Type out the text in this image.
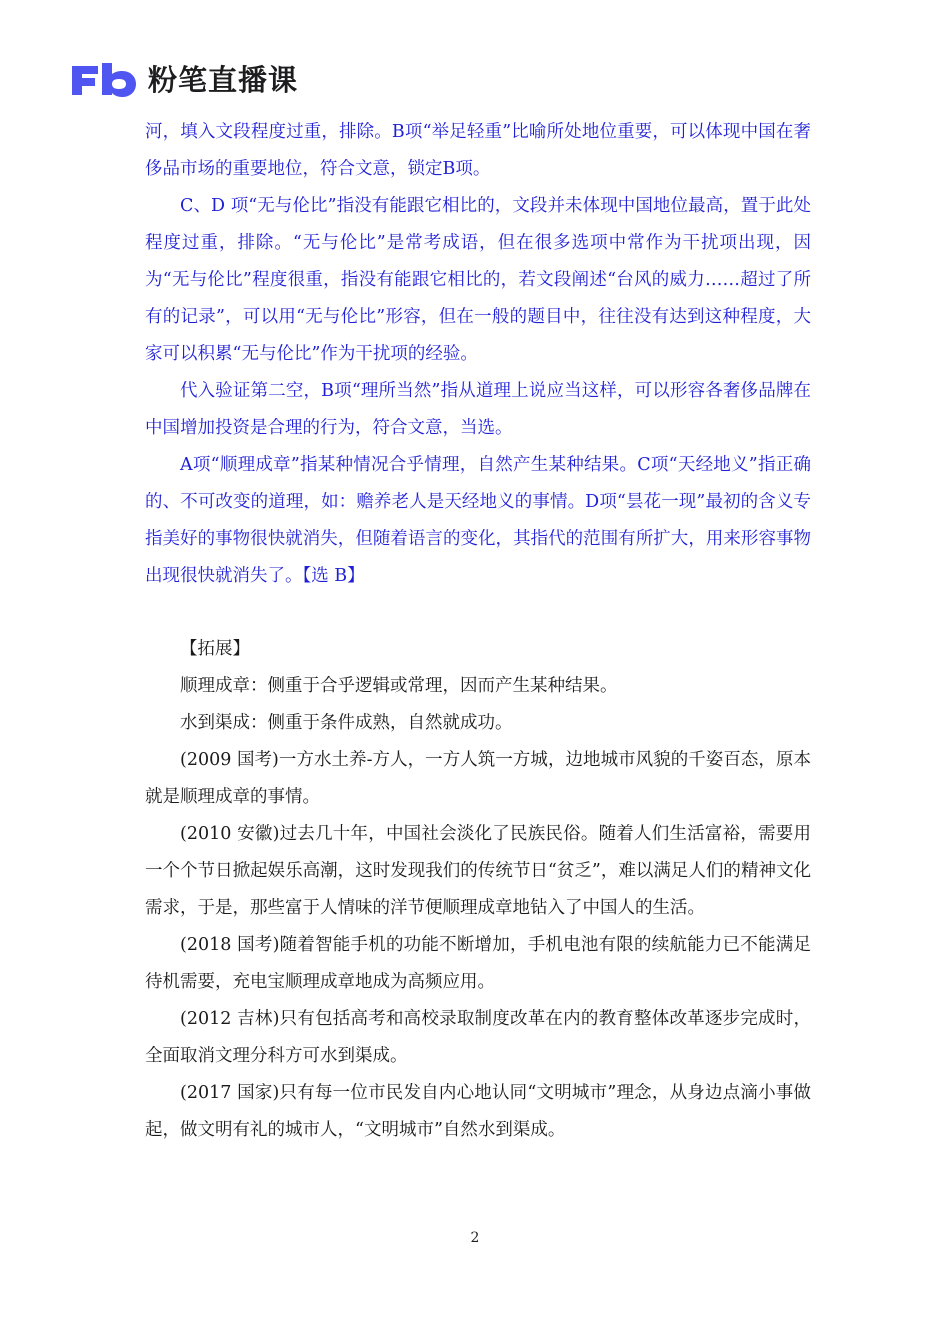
粉笔直播课

河，填入文段程度过重，排除。B项“举足轻重”比喻所处地位重要，可以体现中国在奢侈品市场的重要地位，符合文意，锁定B项。

C、D 项“无与伦比”指没有能跟它相比的，文段并未体现中国地位最高，置于此处程度过重，排除。“无与伦比”是常考成语，但在很多选项中常作为干扰项出现，因为“无与伦比”程度很重，指没有能跟它相比的，若文段阐述“台风的威力……超过了所有的记录”，可以用“无与伦比”形容，但在一般的题目中，往往没有达到这种程度，大家可以积累“无与伦比”作为干扰项的经验。

代入验证第二空，B项“理所当然”指从道理上说应当这样，可以形容各奢侈品牌在中国增加投资是合理的行为，符合文意，当选。

A项“顺理成章”指某种情况合乎情理，自然产生某种结果。C项“天经地义”指正确的、不可改变的道理，如：赡养老人是天经地义的事情。D项“昙花一现”最初的含义专指美好的事物很快就消失，但随着语言的变化，其指代的范围有所扩大，用来形容事物出现很快就消失了。【选 B】

【拓展】

顺理成章：侧重于合乎逻辑或常理，因而产生某种结果。

水到渠成：侧重于条件成熟，自然就成功。

(2009 国考)一方水土养-方人，一方人筑一方城，边地城市风貌的千姿百态，原本就是顺理成章的事情。

(2010 安徽)过去几十年，中国社会淡化了民族民俗。随着人们生活富裕，需要用一个个节日掀起娱乐高潮，这时发现我们的传统节日“贫乏”，难以满足人们的精神文化需求，于是，那些富于人情味的洋节便顺理成章地钻入了中国人的生活。

(2018 国考)随着智能手机的功能不断增加，手机电池有限的续航能力已不能满足待机需要，充电宝顺理成章地成为高频应用。

(2012 吉林)只有包括高考和高校录取制度改革在内的教育整体改革逐步完成时，全面取消文理分科方可水到渠成。

(2017 国家)只有每一位市民发自内心地认同“文明城市”理念，从身边点滴小事做起，做文明有礼的城市人，“文明城市”自然水到渠成。

2
